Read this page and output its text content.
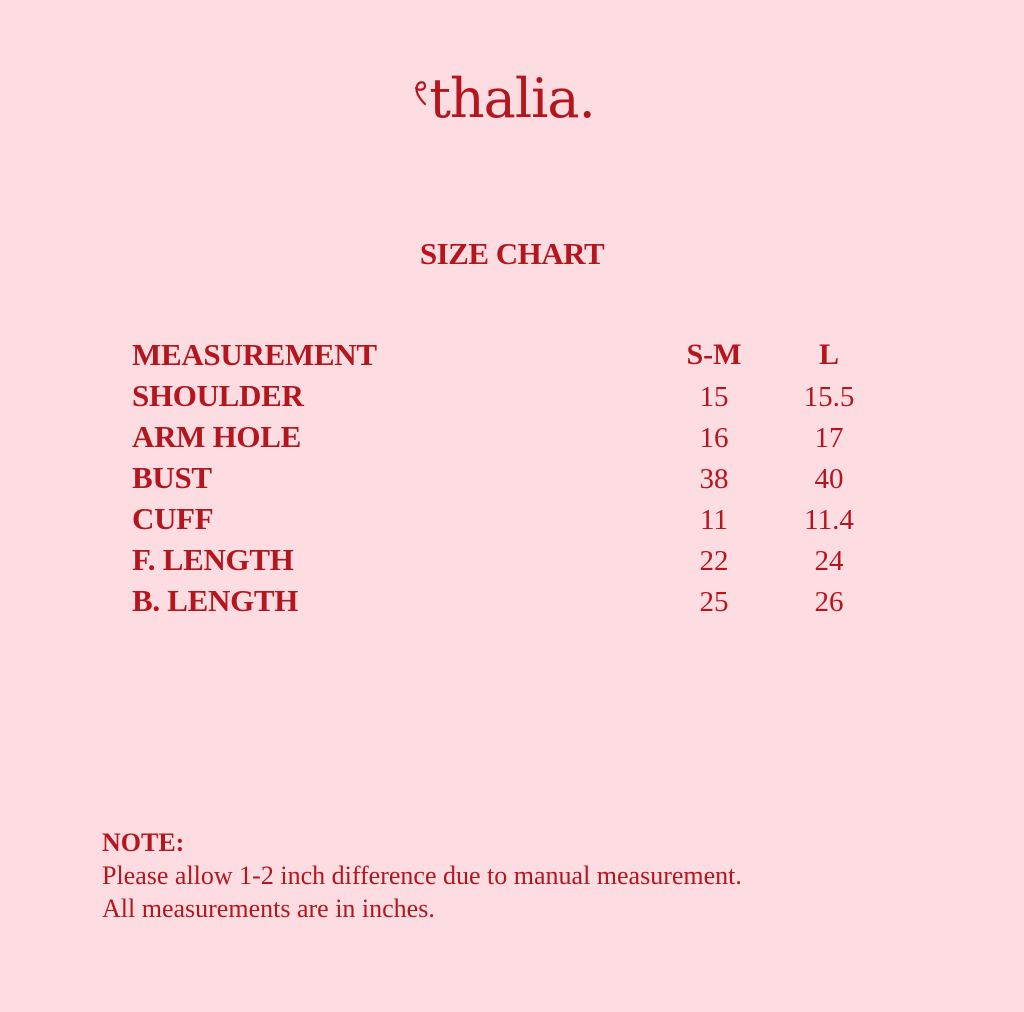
thalia.
SIZE CHART
MEASUREMENT	S-M	L
SHOULDER	15	15.5
ARM HOLE	16	17
BUST	38	40
CUFF	11	11.4
F. LENGTH	22	24
B. LENGTH	25	26
NOTE:
Please allow 1-2 inch difference due to manual measurement.
All measurements are in inches.
